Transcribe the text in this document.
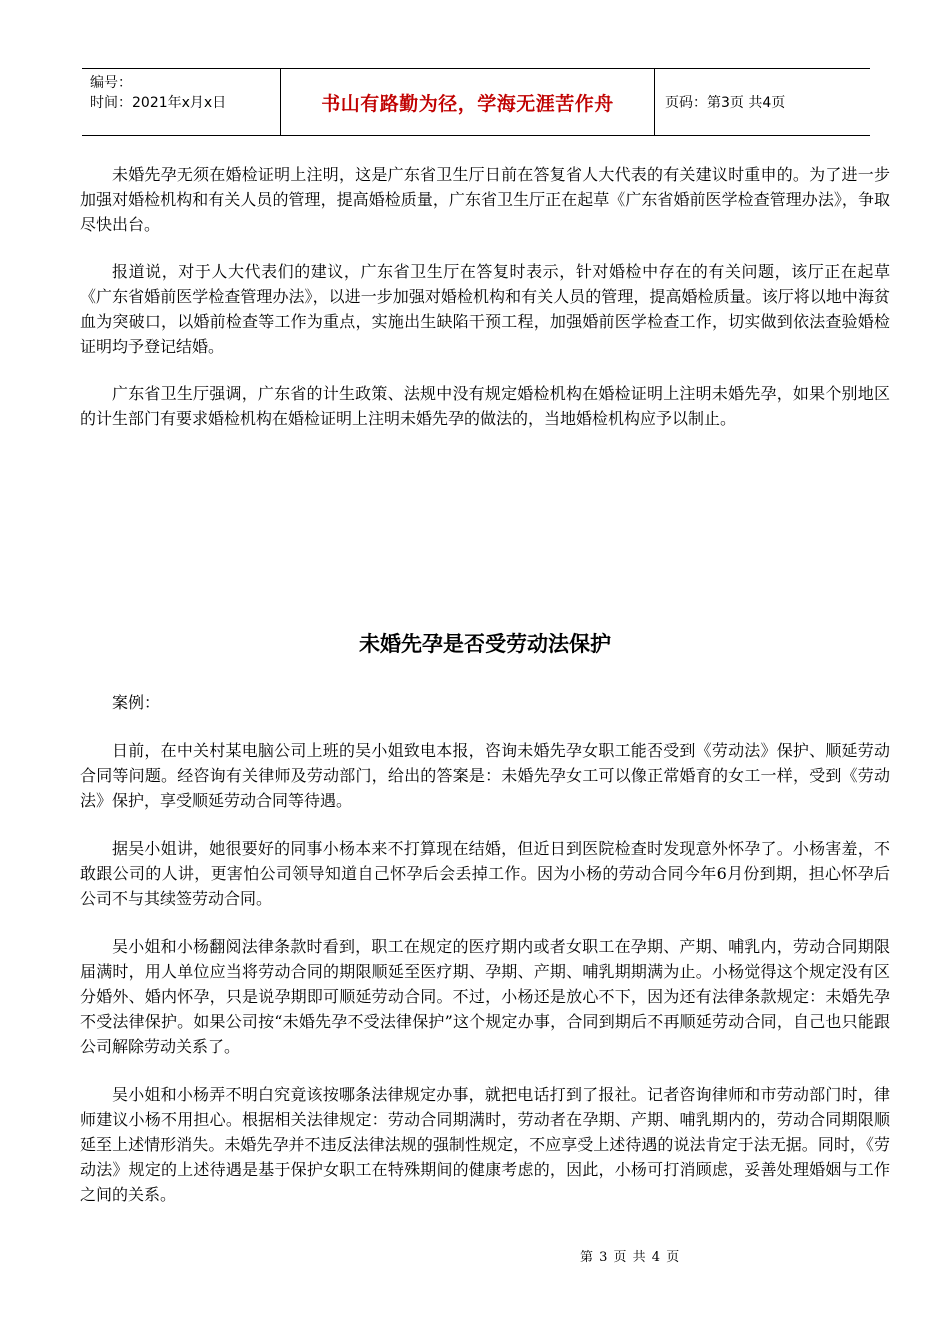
编号：
时间：2021年x月x日	书山有路勤为径，学海无涯苦作舟	页码：第3页 共4页

未婚先孕无须在婚检证明上注明，这是广东省卫生厅日前在答复省人大代表的有关建议时重申的。为了进一步加强对婚检机构和有关人员的管理，提高婚检质量，广东省卫生厅正在起草《广东省婚前医学检查管理办法》，争取尽快出台。

报道说，对于人大代表们的建议，广东省卫生厅在答复时表示，针对婚检中存在的有关问题，该厅正在起草《广东省婚前医学检查管理办法》，以进一步加强对婚检机构和有关人员的管理，提高婚检质量。该厅将以地中海贫血为突破口，以婚前检查等工作为重点，实施出生缺陷干预工程，加强婚前医学检查工作，切实做到依法查验婚检证明均予登记结婚。

广东省卫生厅强调，广东省的计生政策、法规中没有规定婚检机构在婚检证明上注明未婚先孕，如果个别地区的计生部门有要求婚检机构在婚检证明上注明未婚先孕的做法的，当地婚检机构应予以制止。

未婚先孕是否受劳动法保护

案例：

日前，在中关村某电脑公司上班的吴小姐致电本报，咨询未婚先孕女职工能否受到《劳动法》保护、顺延劳动合同等问题。经咨询有关律师及劳动部门，给出的答案是：未婚先孕女工可以像正常婚育的女工一样，受到《劳动法》保护，享受顺延劳动合同等待遇。

据吴小姐讲，她很要好的同事小杨本来不打算现在结婚，但近日到医院检查时发现意外怀孕了。小杨害羞，不敢跟公司的人讲，更害怕公司领导知道自己怀孕后会丢掉工作。因为小杨的劳动合同今年6月份到期，担心怀孕后公司不与其续签劳动合同。

吴小姐和小杨翻阅法律条款时看到，职工在规定的医疗期内或者女职工在孕期、产期、哺乳内，劳动合同期限届满时，用人单位应当将劳动合同的期限顺延至医疗期、孕期、产期、哺乳期期满为止。小杨觉得这个规定没有区分婚外、婚内怀孕，只是说孕期即可顺延劳动合同。不过，小杨还是放心不下，因为还有法律条款规定：未婚先孕不受法律保护。如果公司按“未婚先孕不受法律保护”这个规定办事，合同到期后不再顺延劳动合同，自己也只能跟公司解除劳动关系了。

吴小姐和小杨弄不明白究竟该按哪条法律规定办事，就把电话打到了报社。记者咨询律师和市劳动部门时，律师建议小杨不用担心。根据相关法律规定：劳动合同期满时，劳动者在孕期、产期、哺乳期内的，劳动合同期限顺延至上述情形消失。未婚先孕并不违反法律法规的强制性规定，不应享受上述待遇的说法肯定于法无据。同时，《劳动法》规定的上述待遇是基于保护女职工在特殊期间的健康考虑的，因此，小杨可打消顾虑，妥善处理婚姻与工作之间的关系。

第 3 页 共 4 页
